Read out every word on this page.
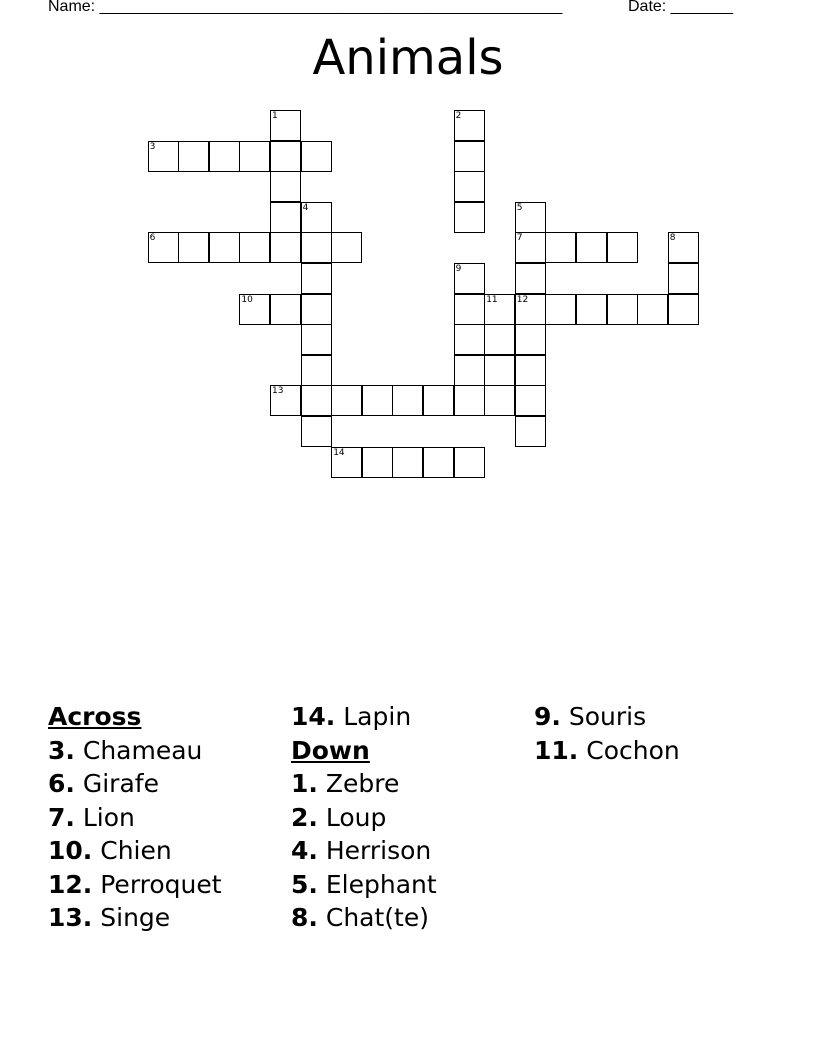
Name: ____________________________________________________	Date: _______
Animals
1
3
2
4
6
5
7
12
8
9
10	11
13
14
Across
3. Chameau
6. Girafe
7. Lion
10. Chien
12. Perroquet
13. Singe
14. Lapin
Down
1. Zebre
2. Loup
4. Herrison
5. Elephant
8. Chat(te)
9. Souris
11. Cochon
